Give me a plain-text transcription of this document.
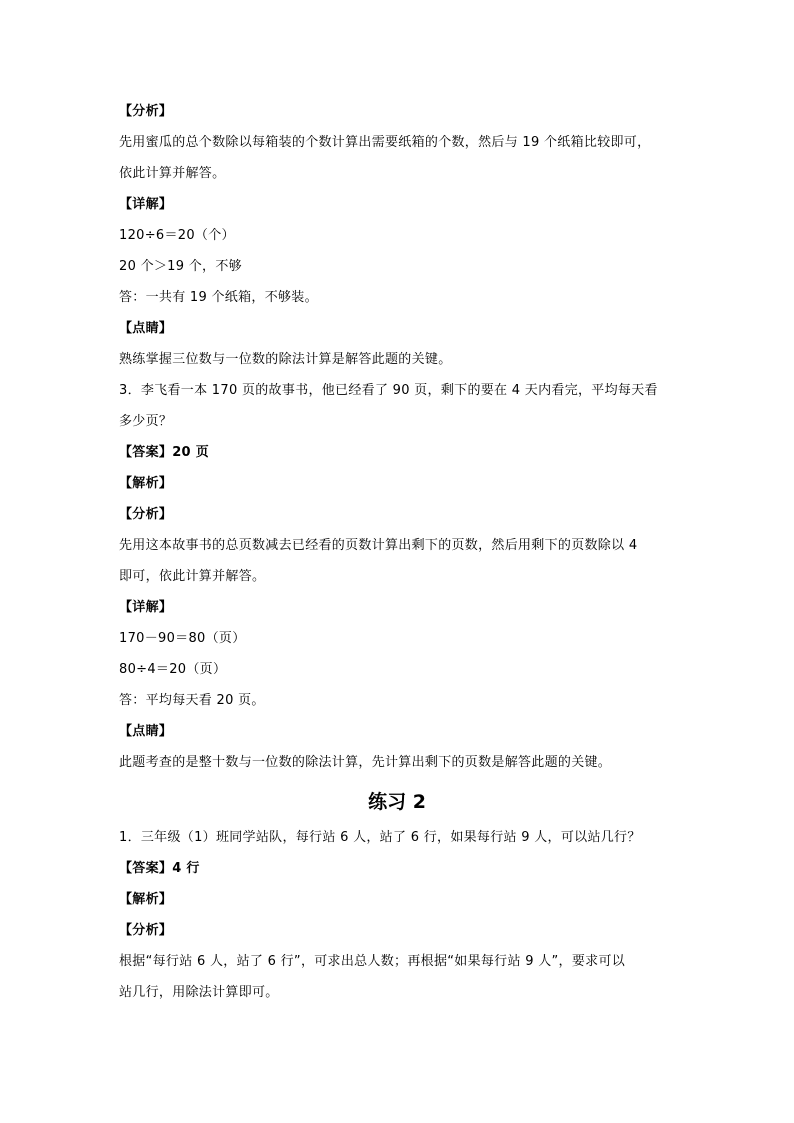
【分析】
先用蜜瓜的总个数除以每箱装的个数计算出需要纸箱的个数，然后与 19 个纸箱比较即可，
依此计算并解答。
【详解】
120÷6＝20（个）
20 个＞19 个，不够
答：一共有 19 个纸箱，不够装。
【点睛】
熟练掌握三位数与一位数的除法计算是解答此题的关键。
3．李飞看一本 170 页的故事书，他已经看了 90 页，剩下的要在 4 天内看完，平均每天看
多少页？
【答案】20 页
【解析】
【分析】
先用这本故事书的总页数减去已经看的页数计算出剩下的页数，然后用剩下的页数除以 4
即可，依此计算并解答。
【详解】
170－90＝80（页）
80÷4＝20（页）
答：平均每天看 20 页。
【点睛】
此题考查的是整十数与一位数的除法计算，先计算出剩下的页数是解答此题的关键。
练习 2
1．三年级（1）班同学站队，每行站 6 人，站了 6 行，如果每行站 9 人，可以站几行？
【答案】4 行
【解析】
【分析】
根据“每行站 6 人，站了 6 行”，可求出总人数；再根据“如果每行站 9 人”，要求可以
站几行，用除法计算即可。
